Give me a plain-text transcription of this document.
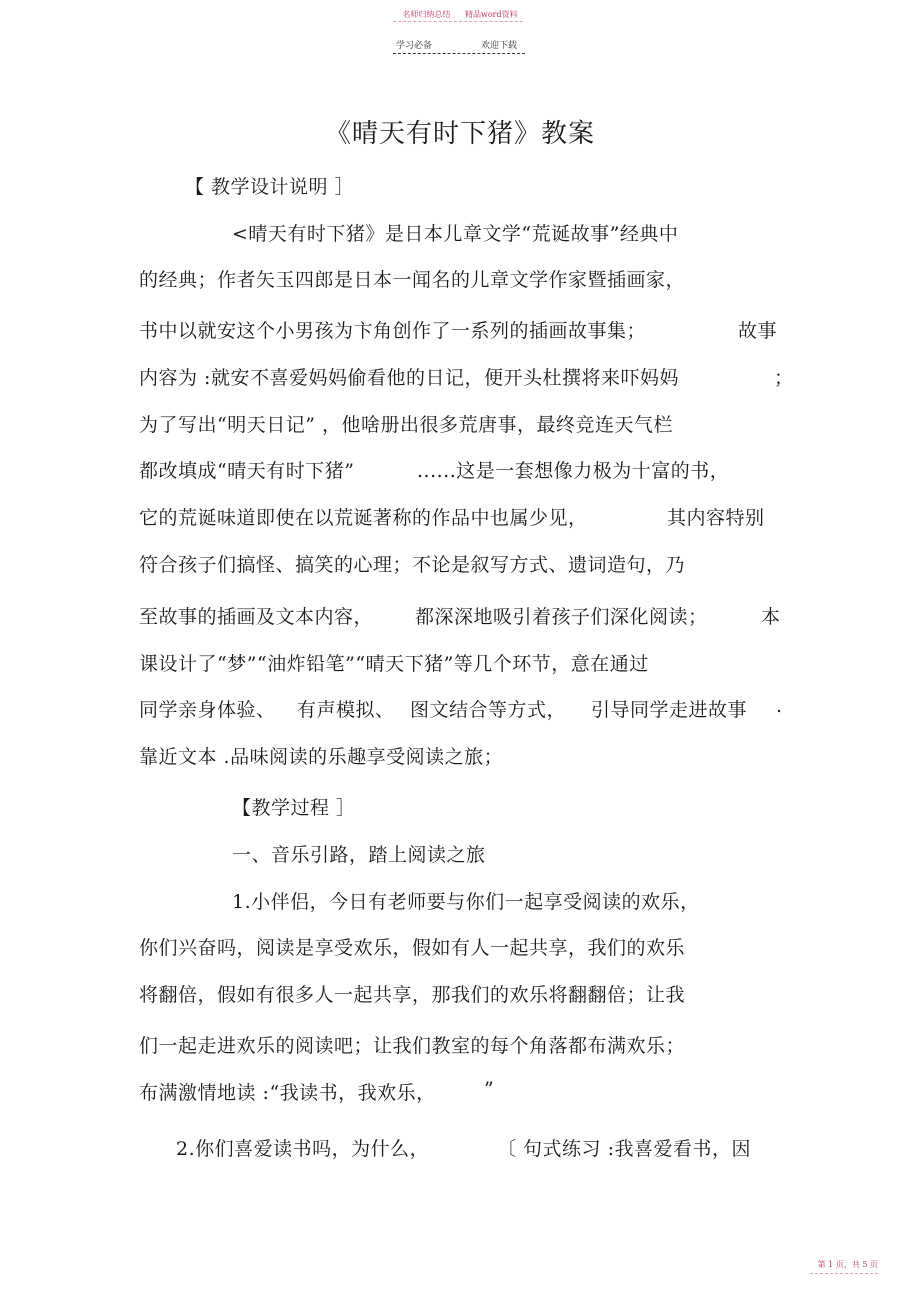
名师归纳总结 精品word资料
学习必备	欢迎下载
《晴天有时下猪》教案
【 教学设计说明 ］
<晴天有时下猪》是日本儿章文学“荒诞故事”经典中
的经典；作者矢玉四郎是日本一闻名的儿章文学作家暨插画家，
书中以就安这个小男孩为卞角创作了一系列的插画故事集；	故事
内容为 :就安不喜爱妈妈偷看他的日记，便开头杜撰将来吓妈妈	；
为了写出“明天日记” ，他啥册出很多荒唐事，最终竞连天气栏
都改填成“晴天有时下猪”	......这是一套想像力极为十富的书，
它的荒诞味道即使在以荒诞著称的作品中也属少见，	其内容特别
符合孩子们搞怪、搞笑的心理；不论是叙写方式、遗词造句，乃
至故事的插画及文本内容， 都深深地吸引着孩子们深化阅读；	本
课设计了“梦”“油炸铅笔”“晴天下猪”等几个环节，意在通过
同学亲身体验、 有声模拟、 图文结合等方式， 引导同学走进故事 .
靠近文本 .品味阅读的乐趣享受阅读之旅；
【教学过程 ］
一、音乐引路，踏上阅读之旅
1.小伴侣，今日有老师要与你们一起享受阅读的欢乐，
你们兴奋吗，阅读是享受欢乐，假如有人一起共享，我们的欢乐
将翻倍，假如有很多人一起共享，那我们的欢乐将翻翻倍；让我
们一起走进欢乐的阅读吧；让我们教室的每个角落都布满欢乐；
布满激情地读 :“我读书，我欢乐，	”
2.你们喜爱读书吗，为什么，	〔 句式练习 :我喜爱看书，因
第 1 页，共 5 页
